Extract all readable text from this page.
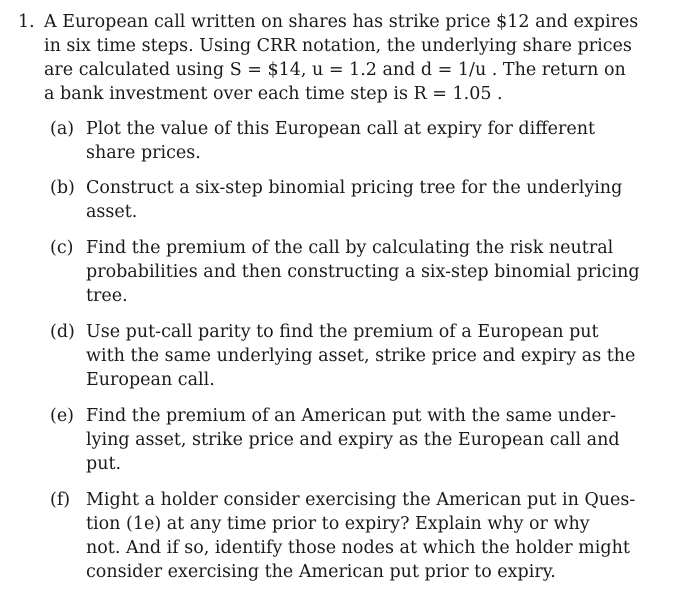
1. A European call written on shares has strike price $12 and expires
in six time steps. Using CRR notation, the underlying share prices
are calculated using S = $14, u = 1.2 and d = 1/u . The return on
a bank investment over each time step is R = 1.05 .
(a) Plot the value of this European call at expiry for different
share prices.
(b) Construct a six-step binomial pricing tree for the underlying
asset.
(c) Find the premium of the call by calculating the risk neutral
probabilities and then constructing a six-step binomial pricing
tree.
(d) Use put-call parity to find the premium of a European put
with the same underlying asset, strike price and expiry as the
European call.
(e) Find the premium of an American put with the same under-
lying asset, strike price and expiry as the European call and
put.
(f) Might a holder consider exercising the American put in Ques-
tion (1e) at any time prior to expiry? Explain why or why
not. And if so, identify those nodes at which the holder might
consider exercising the American put prior to expiry.
